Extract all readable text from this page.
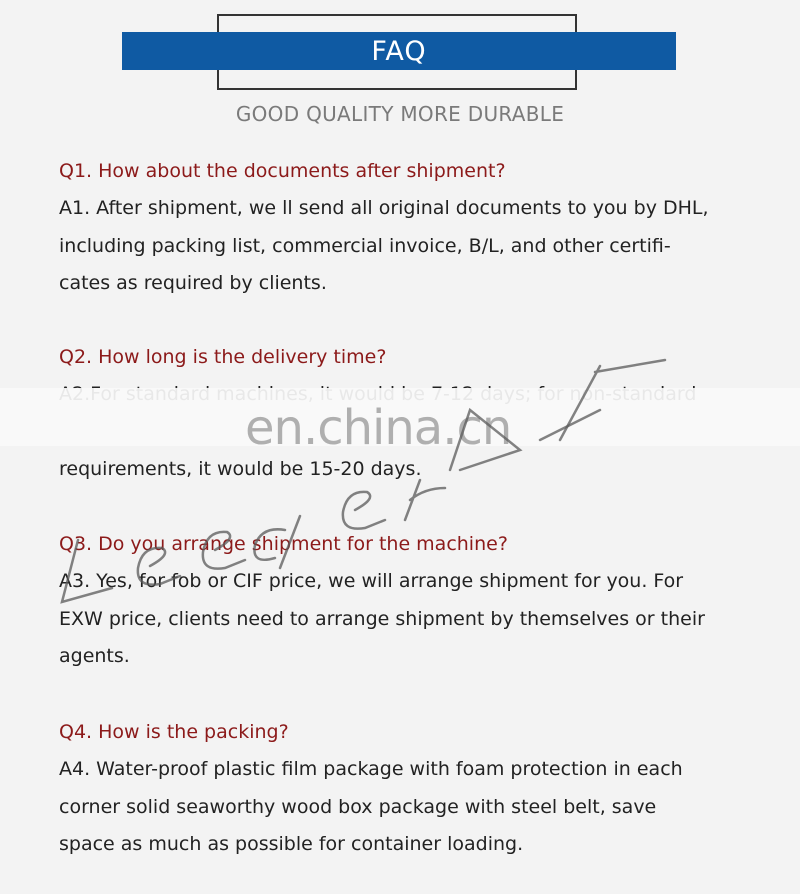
FAQ
GOOD QUALITY MORE DURABLE
Q1. How about the documents after shipment?

A1. After shipment, we ll send all original documents to you by DHL,
including packing list, commercial invoice, B/L, and other certifi-
cates as required by clients.

Q2. How long is the delivery time?

requirements, it would be 15-20 days.

Q3. Do you arrange shipment for the machine?

A3. Yes, for fob or CIF price, we will arrange shipment for you. For
EXW price, clients need to arrange shipment by themselves or their
agents.

Q4. How is the packing?

A4. Water-proof plastic film package with foam protection in each
corner solid seaworthy wood box package with steel belt, save
space as much as possible for container loading.

en.china.cn
